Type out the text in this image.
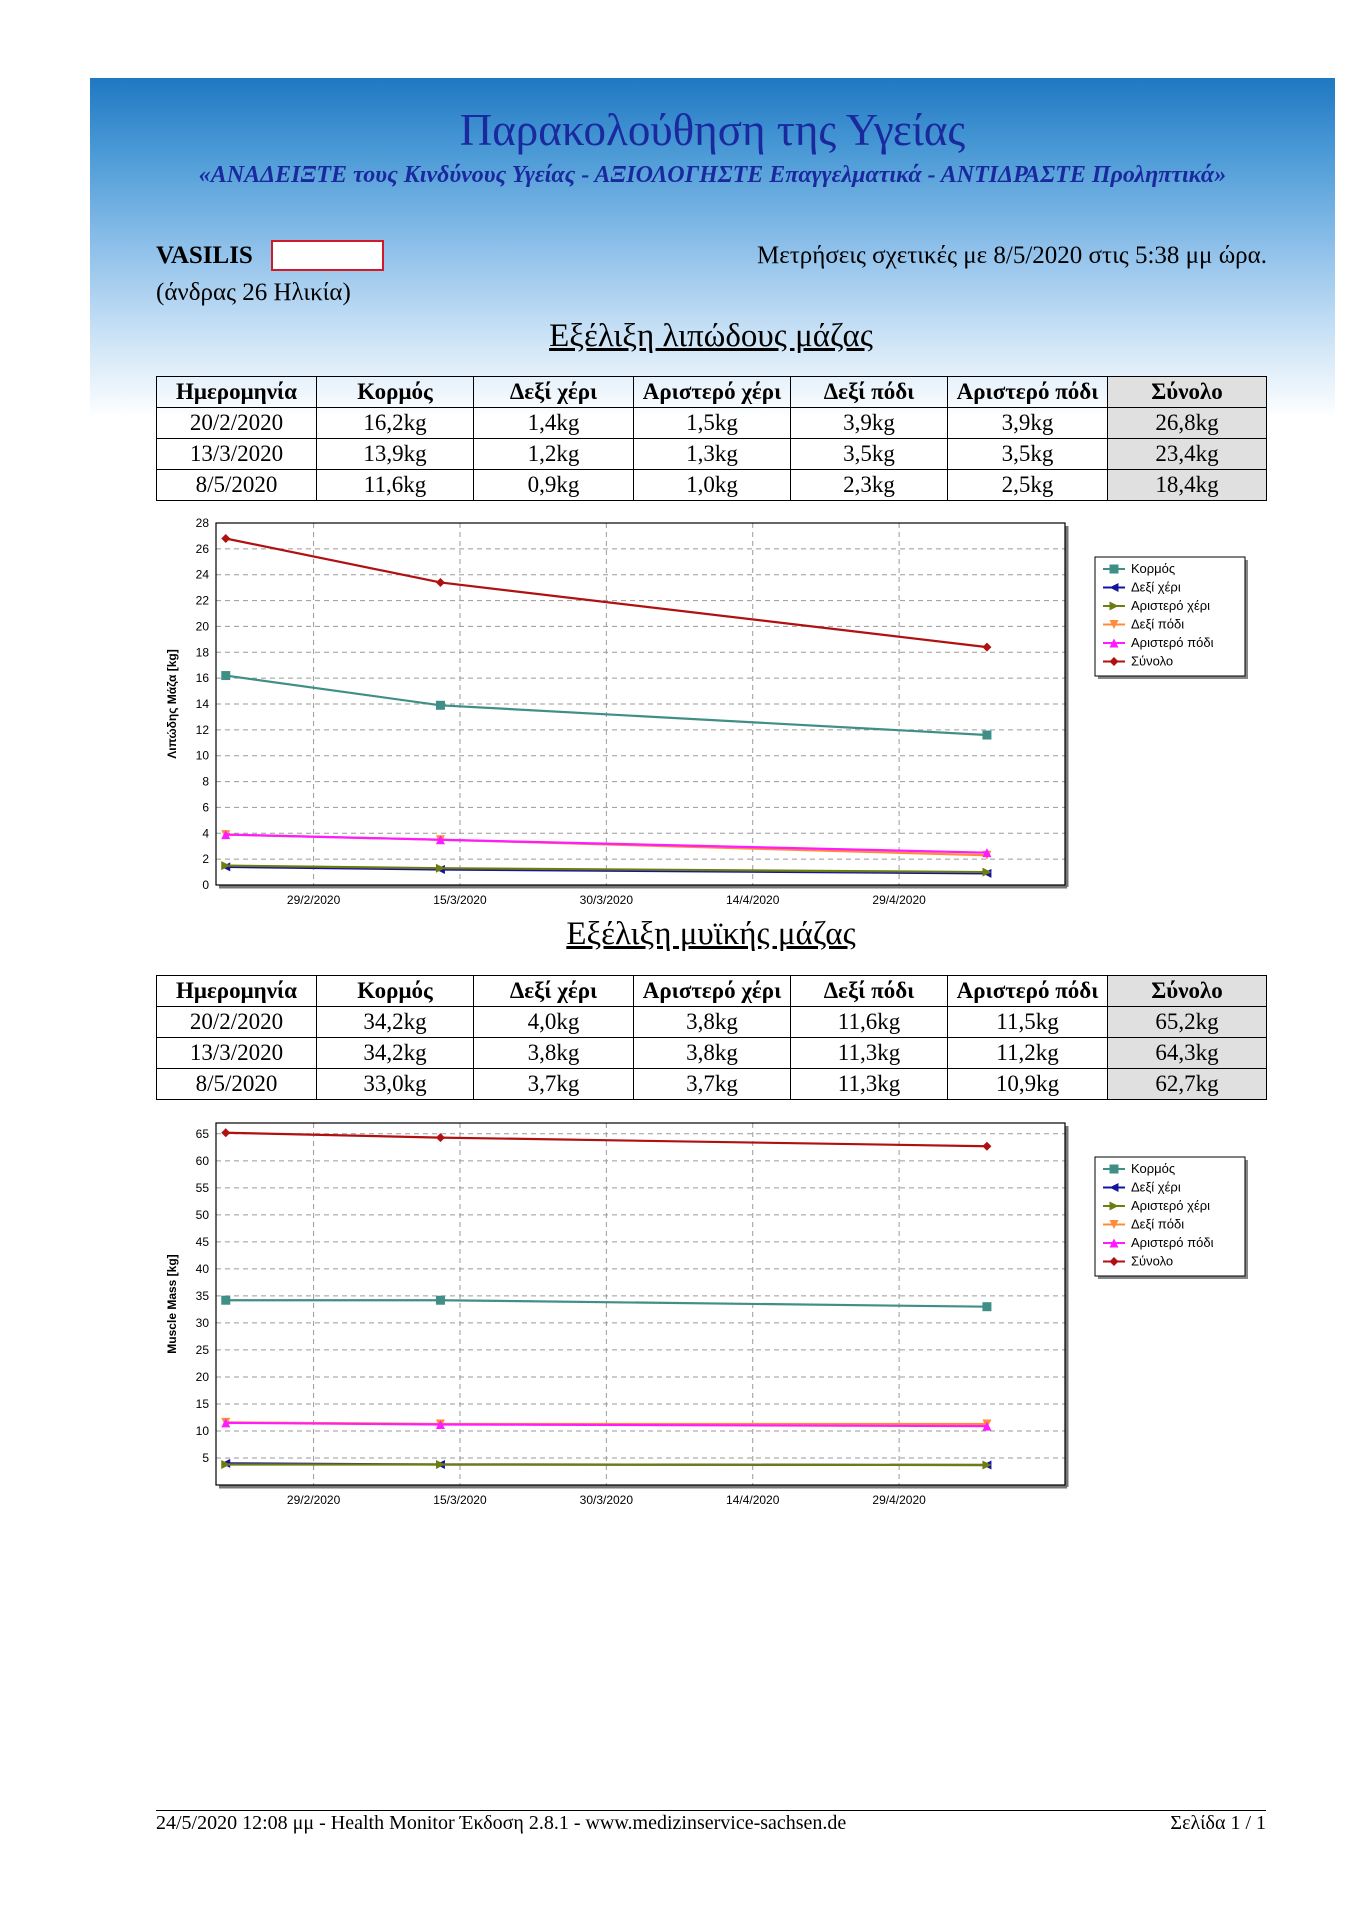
Παρακολούθηση της Υγείας
«ΑΝΑΔΕΙΞΤΕ τους Κινδύνους Υγείας - ΑΞΙΟΛΟΓΗΣΤΕ Επαγγελματικά - ΑΝΤΙΔΡΑΣΤΕ Προληπτικά»
VASILIS
(άνδρας 26 Ηλικία)
Μετρήσεις σχετικές με 8/5/2020 στις 5:38 μμ ώρα.
Εξέλιξη λιπώδους μάζας
Ημερομηνία	Κορμός	Δεξί χέρι	Αριστερό χέρι	Δεξί πόδι	Αριστερό πόδι	Σύνολο
20/2/2020	16,2kg	1,4kg	1,5kg	3,9kg	3,9kg	26,8kg
13/3/2020	13,9kg	1,2kg	1,3kg	3,5kg	3,5kg	23,4kg
8/5/2020	11,6kg	0,9kg	1,0kg	2,3kg	2,5kg	18,4kg
0
2
4
6
8
10
12
14
16
18
20
22
24
26
28
29/2/2020	15/3/2020	30/3/2020	14/4/2020	29/4/2020
Λιπώδης Μάζα [kg]
Κορμός
Δεξί χέρι
Αριστερό χέρι
Δεξί πόδι
Αριστερό πόδι
Σύνολο
Εξέλιξη μυϊκής μάζας
Ημερομηνία	Κορμός	Δεξί χέρι	Αριστερό χέρι	Δεξί πόδι	Αριστερό πόδι	Σύνολο
20/2/2020	34,2kg	4,0kg	3,8kg	11,6kg	11,5kg	65,2kg
13/3/2020	34,2kg	3,8kg	3,8kg	11,3kg	11,2kg	64,3kg
8/5/2020	33,0kg	3,7kg	3,7kg	11,3kg	10,9kg	62,7kg
5
10
15
20
25
30
35
40
45
50
55
60
65
29/2/2020	15/3/2020	30/3/2020	14/4/2020	29/4/2020
Muscle Mass [kg]
Κορμός
Δεξί χέρι
Αριστερό χέρι
Δεξί πόδι
Αριστερό πόδι
Σύνολο
24/5/2020 12:08 μμ - Health Monitor Έκδοση 2.8.1 - www.medizinservice-sachsen.de	Σελίδα 1 / 1
